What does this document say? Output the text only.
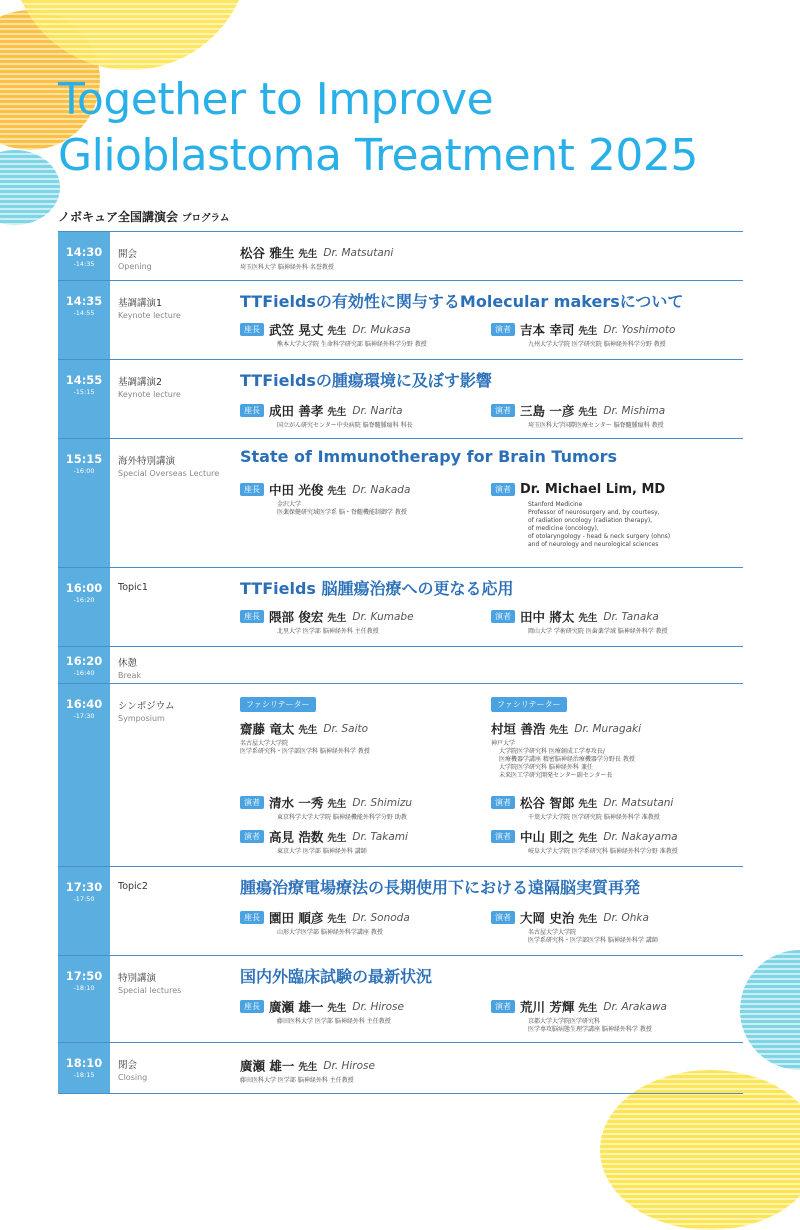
Together to Improve
Glioblastoma Treatment 2025
ノボキュア全国講演会 プログラム
14:30
-14:35
開会
Opening
松谷 雅生 先生 Dr. Matsutani
埼玉医科大学 脳神経外科 名誉教授
14:35
-14:55
基調講演1
Keynote lecture
TTFieldsの有効性に関与するMolecular makersについて
座長 武笠 晃丈 先生 Dr. Mukasa
熊本大学大学院 生命科学研究部 脳神経外科学分野 教授
演者 吉本 幸司 先生 Dr. Yoshimoto
九州大学大学院 医学研究院 脳神経外科学分野 教授
14:55
-15:15
基調講演2
Keynote lecture
TTFieldsの腫瘍環境に及ぼす影響
座長 成田 善孝 先生 Dr. Narita
国立がん研究センター中央病院 脳脊髄腫瘍科 科長
演者 三島 一彦 先生 Dr. Mishima
埼玉医科大学国際医療センター 脳脊髄腫瘍科 教授
15:15
-16:00
海外特別講演
Special Overseas Lecture
State of Immunotherapy for Brain Tumors
座長 中田 光俊 先生 Dr. Nakada
金沢大学
医薬保健研究域医学系 脳・脊髄機能制御学 教授
演者 Dr. Michael Lim, MD
Stanford Medicine
Professor of neurosurgery and, by courtesy,
of radiation oncology (radiation therapy),
of medicine (oncology),
of otolaryngology - head & neck surgery (ohns)
and of neurology and neurological sciences
16:00
-16:20
Topic1	TTFields 脳腫瘍治療への更なる応用
座長 隈部 俊宏 先生 Dr. Kumabe
北里大学 医学部 脳神経外科 主任教授
演者 田中 將太 先生 Dr. Tanaka
岡山大学 学術研究院 医歯薬学域 脳神経外科学 教授
16:20
-16:40
休憩
Break
16:40
-17:30
シンポジウム
Symposium
ファシリテーター
齋藤 竜太 先生 Dr. Saito
名古屋大学大学院
医学系研究科・医学部医学科 脳神経外科学 教授
ファシリテーター
村垣 善浩 先生 Dr. Muragaki
神戸大学
大学院医学研究科 医療創成工学専攻長/
医療機器学講座 精密脳神経治療機器学分野長 教授
大学院医学研究科 脳神経外科 兼任
未来医工学研究開発センター副センター長
演者 清水 一秀 先生 Dr. Shimizu
東京科学大学大学院 脳神経機能外科学分野 助教
演者 松谷 智郎 先生 Dr. Matsutani
千葉大学大学院 医学研究院 脳神経外科学 准教授
演者 高見 浩数 先生 Dr. Takami
東京大学 医学部 脳神経外科 講師
演者 中山 則之 先生 Dr. Nakayama
岐阜大学大学院 医学系研究科 脳神経外科学分野 准教授
17:30
-17:50
Topic2	腫瘍治療電場療法の長期使用下における遠隔脳実質再発
座長 園田 順彦 先生 Dr. Sonoda
山形大学医学部 脳神経外科学講座 教授
演者 大岡 史治 先生 Dr. Ohka
名古屋大学大学院
医学系研究科・医学部医学科 脳神経外科学 講師
17:50
-18:10
特別講演
Special lectures
国内外臨床試験の最新状況
座長 廣瀬 雄一 先生 Dr. Hirose
藤田医科大学 医学部 脳神経外科 主任教授
演者 荒川 芳輝 先生 Dr. Arakawa
京都大学大学院医学研究科
医学専攻脳病態生理学講座 脳神経外科学 教授
18:10
-18:15
閉会
Closing
廣瀬 雄一 先生 Dr. Hirose
藤田医科大学 医学部 脳神経外科 主任教授
